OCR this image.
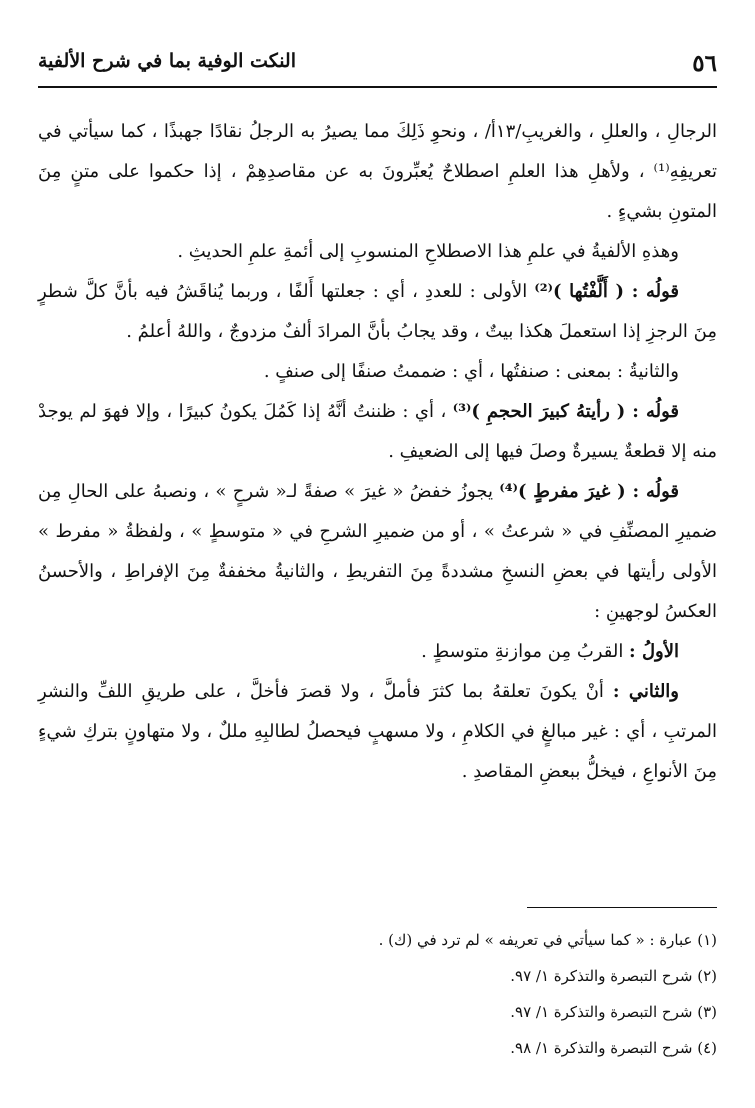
٥٦
النكت الوفية بما في شرح الألفية

الرجالِ ، والعللِ ، والغريبِ/١٣أ/ ، ونحوِ ذَلِكَ مما يصيرُ به الرجلُ نقادًا جهبذًا ، كما سيأتي في تعريفِهِ⁽¹⁾ ، ولأهلِ هذا العلمِ اصطلاحٌ يُعبِّرونَ به عن مقاصدِهِمْ ، إذا حكموا على متنٍ مِنَ المتونِ بشيءٍ .

وهذهِ الألفيةُ في علمِ هذا الاصطلاحِ المنسوبِ إلى أئمةِ علمِ الحديثِ .

قولُه : ( أَلَّفْتُها )⁽²⁾ الأولى : للعددِ ، أي : جعلتها أَلفًا ، وربما يُناقَشُ فيه بأنَّ كلَّ شطرٍ مِنَ الرجزِ إذا استعملَ هكذا بيتٌ ، وقد يجابُ بأنَّ المرادَ ألفٌ مزدوجٌ ، واللهُ أعلمُ .

والثانيةُ : بمعنى : صنفتُها ، أي : ضممتُ صنفًا إلى صنفٍ .

قولُه : ( رأيتهُ كبيرَ الحجمِ )⁽³⁾ ، أي : ظننتُ أنَّهُ إذا كَمُلَ يكونُ كبيرًا ، وإلا فهوَ لم يوجدْ منه إلا قطعةٌ يسيرةٌ وصلَ فيها إلى الضعيفِ .

قولُه : ( غيرَ مفرطٍ )⁽⁴⁾ يجوزُ خفضُ « غيرَ » صفةً لـ« شرحٍ » ، ونصبهُ على الحالِ مِن ضميرِ المصنِّفِ في « شرعتُ » ، أو من ضميرِ الشرحِ في « متوسطٍ » ، ولفظةُ « مفرط » الأولى رأيتها في بعضِ النسخِ مشددةً مِنَ التفريطِ ، والثانيةُ مخففةٌ مِنَ الإفراطِ ، والأحسنُ العكسُ لوجهينِ :

الأولُ : القربُ مِن موازنةِ متوسطٍ .

والثاني : أنْ يكونَ تعلقهُ بما كثرَ فأملَّ ، ولا قصرَ فأخلَّ ، على طريقِ اللفِّ والنشرِ المرتبِ ، أي : غير مبالغٍ في الكلامِ ، ولا مسهبٍ فيحصلُ لطالبِهِ مللٌ ، ولا متهاونٍ بتركِ شيءٍ مِنَ الأنواعِ ، فيخلُّ ببعضِ المقاصدِ .

(١) عبارة : « كما سيأتي في تعريفه » لم ترد في (ك) .

(٢) شرح التبصرة والتذكرة ١/ ٩٧.

(٣) شرح التبصرة والتذكرة ١/ ٩٧.

(٤) شرح التبصرة والتذكرة ١/ ٩٨.
